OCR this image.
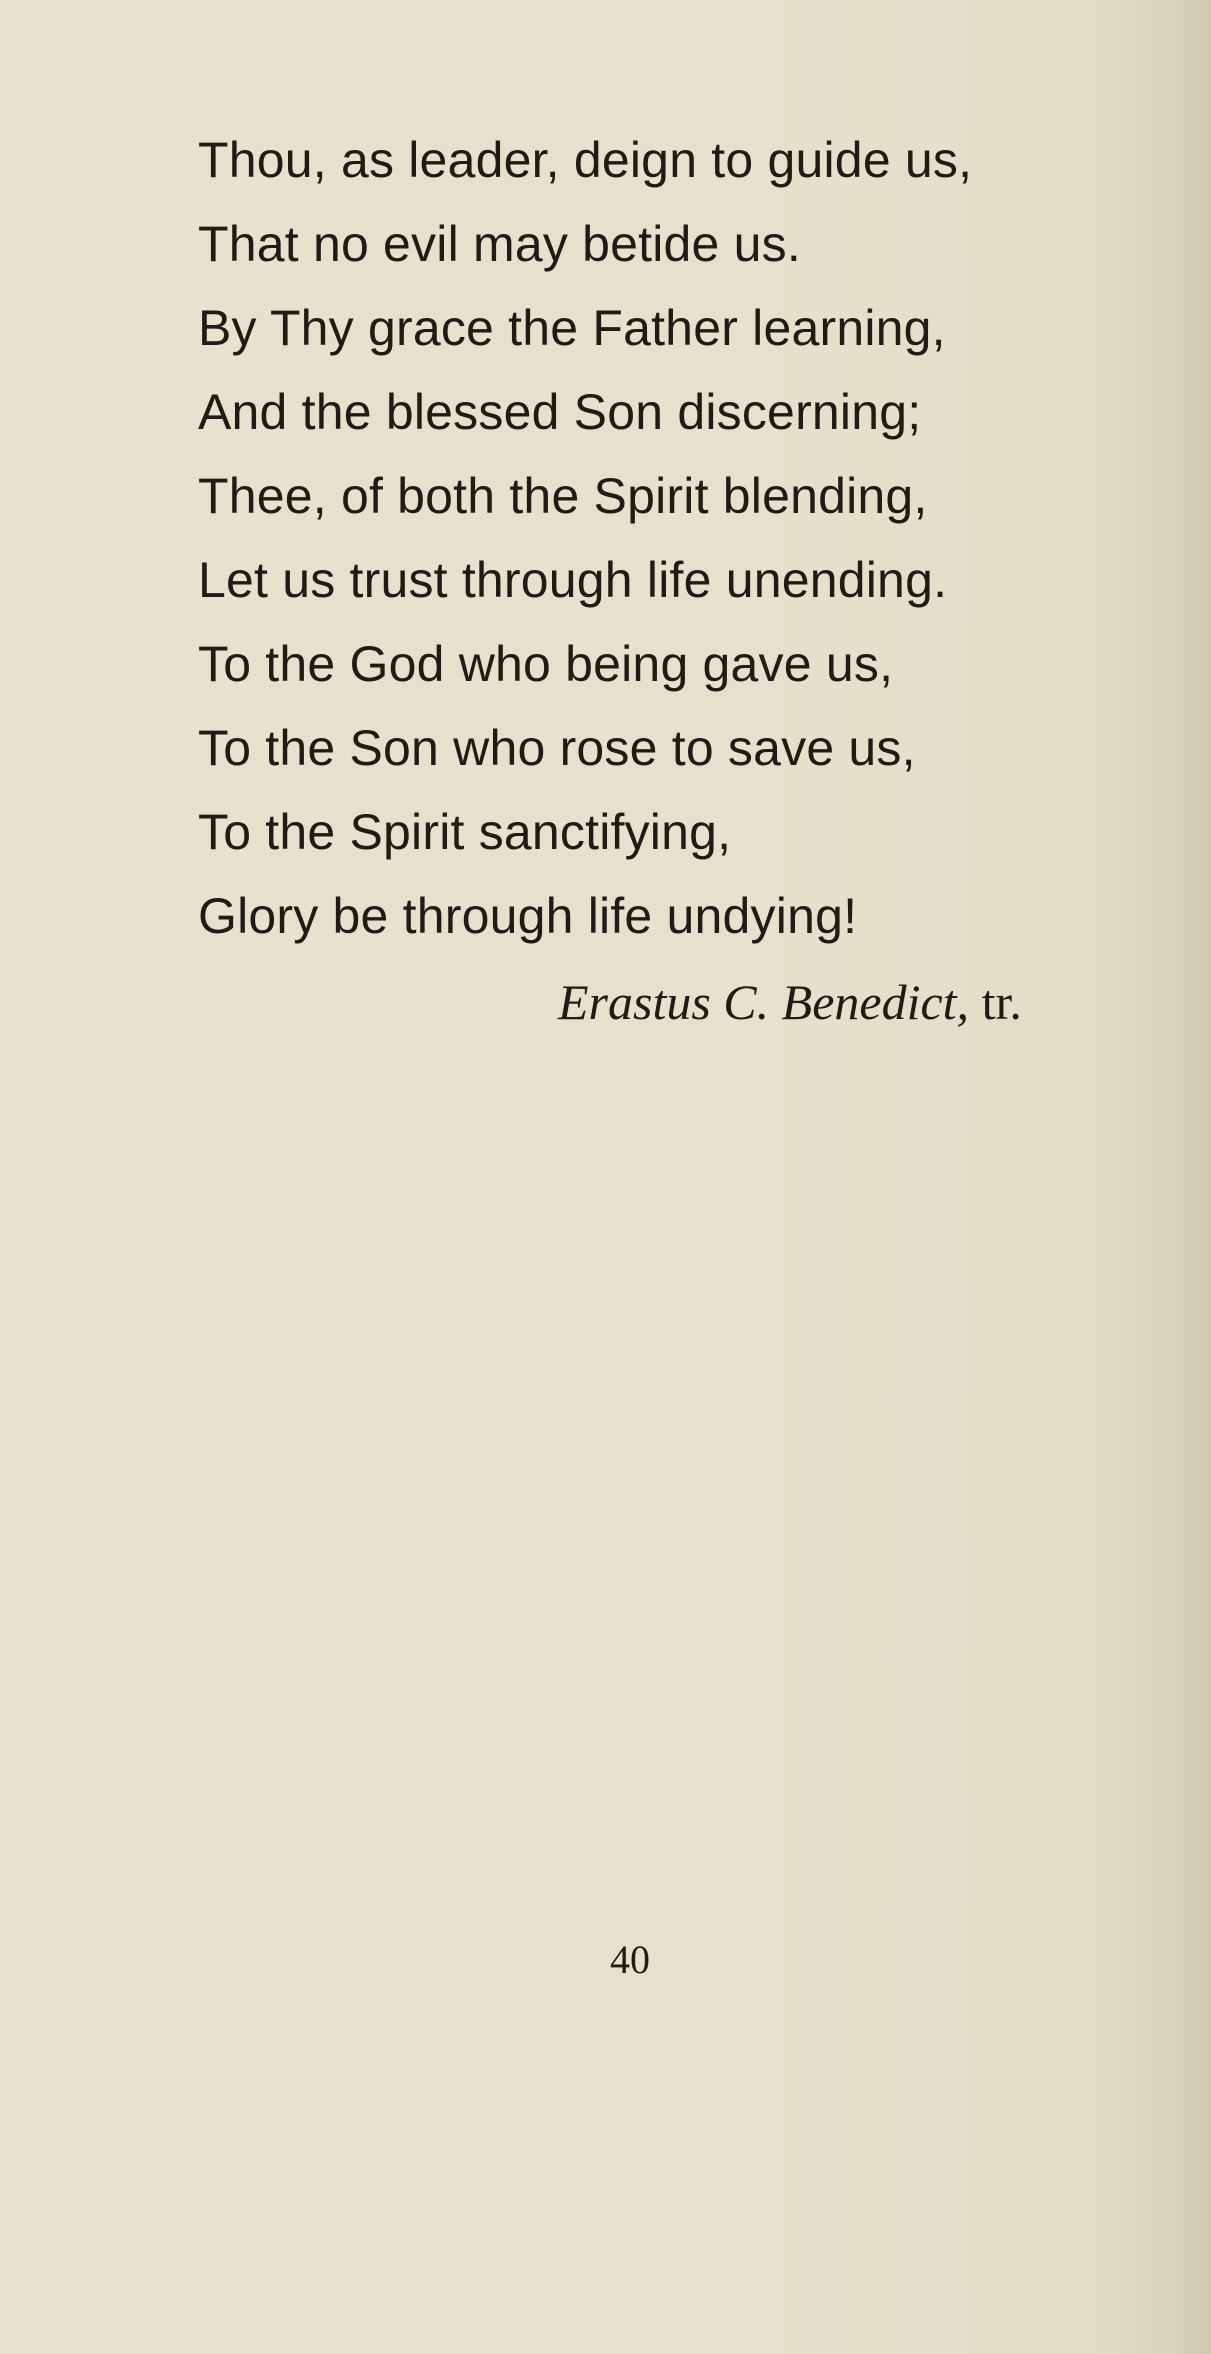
Thou, as leader, deign to guide us,
That no evil may betide us.
By Thy grace the Father learning,
And the blessed Son discerning;
Thee, of both the Spirit blending,
Let us trust through life unending.
To the God who being gave us,
To the Son who rose to save us,
To the Spirit sanctifying,
Glory be through life undying!
Erastus C. Benedict, tr.
40
